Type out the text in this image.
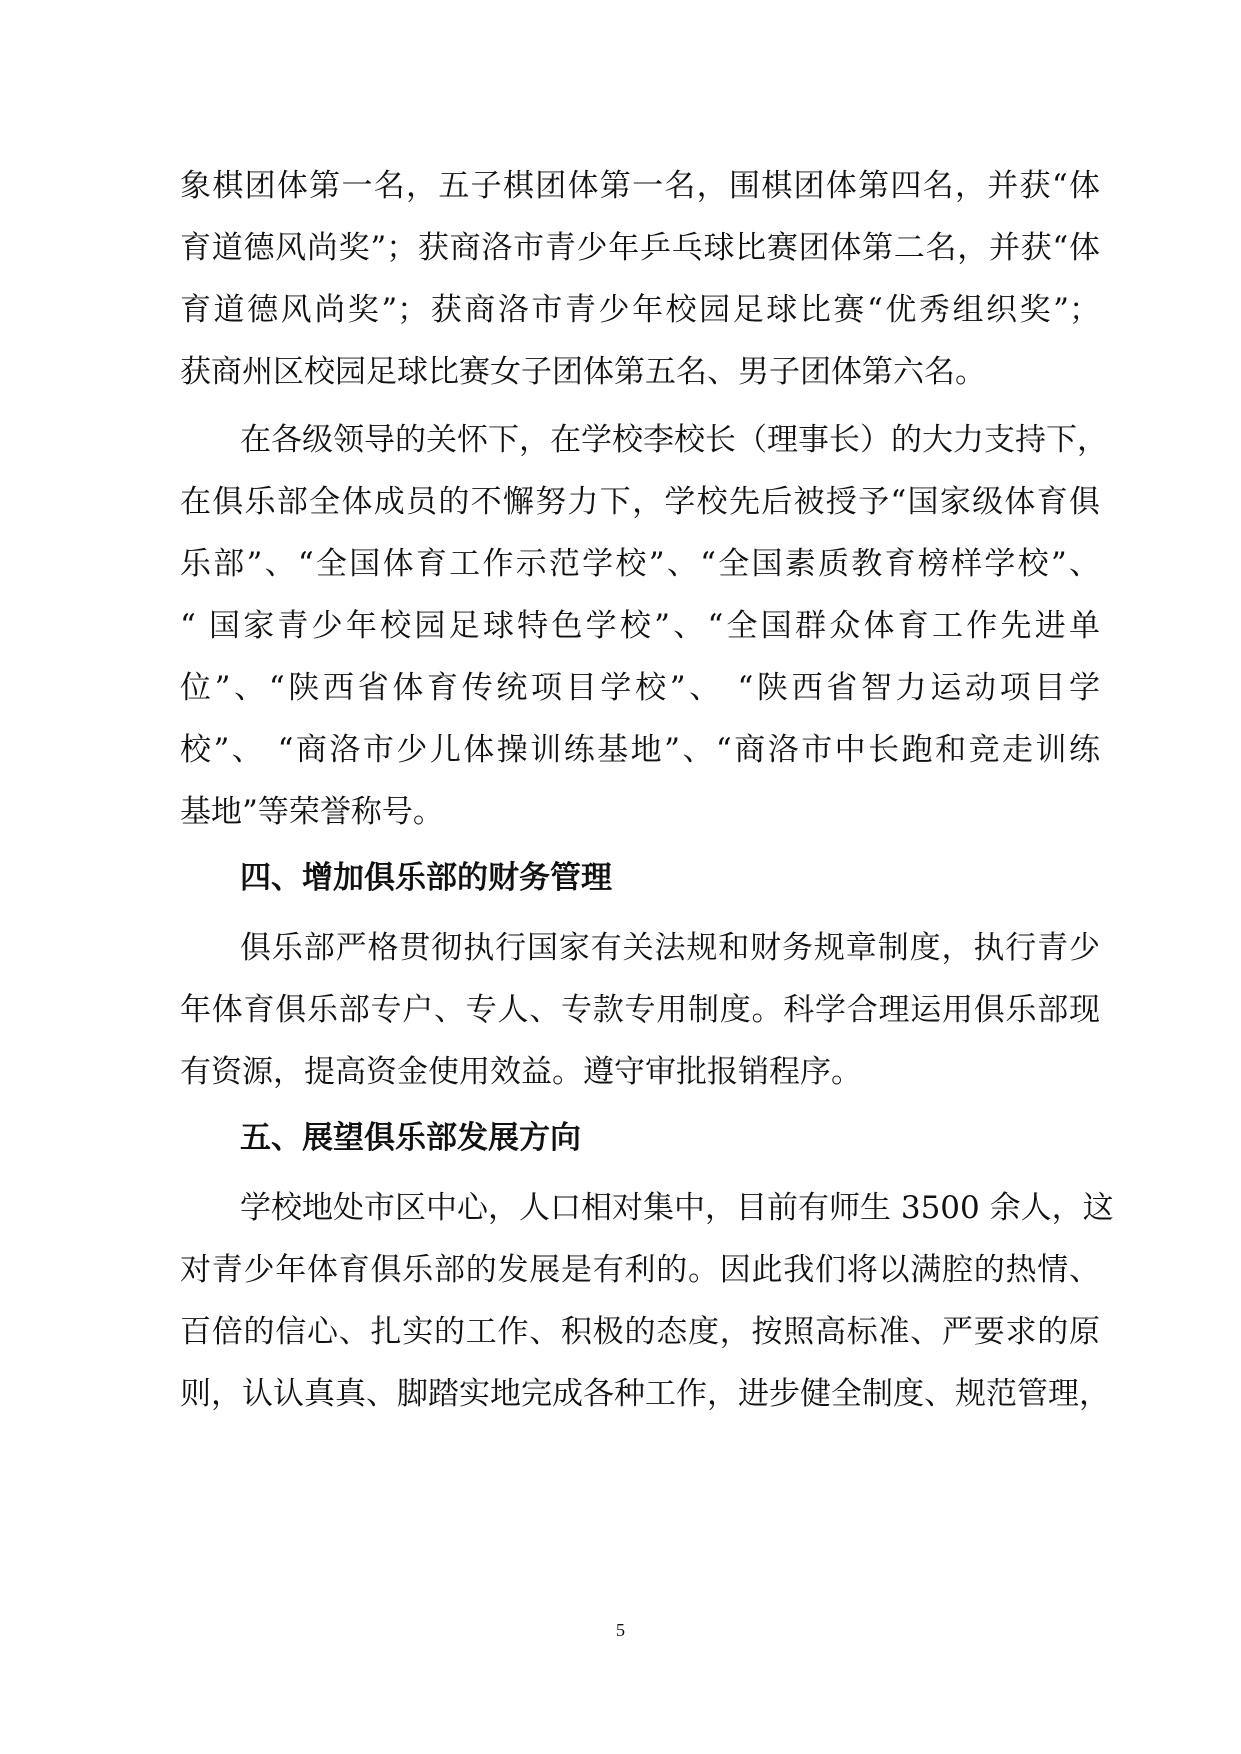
象棋团体第一名，五子棋团体第一名，围棋团体第四名，并获“体
育道德风尚奖”；获商洛市青少年乒乓球比赛团体第二名，并获“体
育道德风尚奖”；获商洛市青少年校园足球比赛“优秀组织奖”；
获商州区校园足球比赛女子团体第五名、男子团体第六名。
在各级领导的关怀下，在学校李校长（理事长）的大力支持下，
在俱乐部全体成员的不懈努力下，学校先后被授予“国家级体育俱
乐部”、“全国体育工作示范学校”、“全国素质教育榜样学校”、
“ 国家青少年校园足球特色学校”、“全国群众体育工作先进单
位”、“陕西省体育传统项目学校”、 “陕西省智力运动项目学
校”、 “商洛市少儿体操训练基地”、“商洛市中长跑和竞走训练
基地”等荣誉称号。
四、增加俱乐部的财务管理
俱乐部严格贯彻执行国家有关法规和财务规章制度，执行青少
年体育俱乐部专户、专人、专款专用制度。科学合理运用俱乐部现
有资源，提高资金使用效益。遵守审批报销程序。
五、展望俱乐部发展方向
学校地处市区中心，人口相对集中，目前有师生 3500 余人，这
对青少年体育俱乐部的发展是有利的。因此我们将以满腔的热情、
百倍的信心、扎实的工作、积极的态度，按照高标准、严要求的原
则，认认真真、脚踏实地完成各种工作，进步健全制度、规范管理，
5
